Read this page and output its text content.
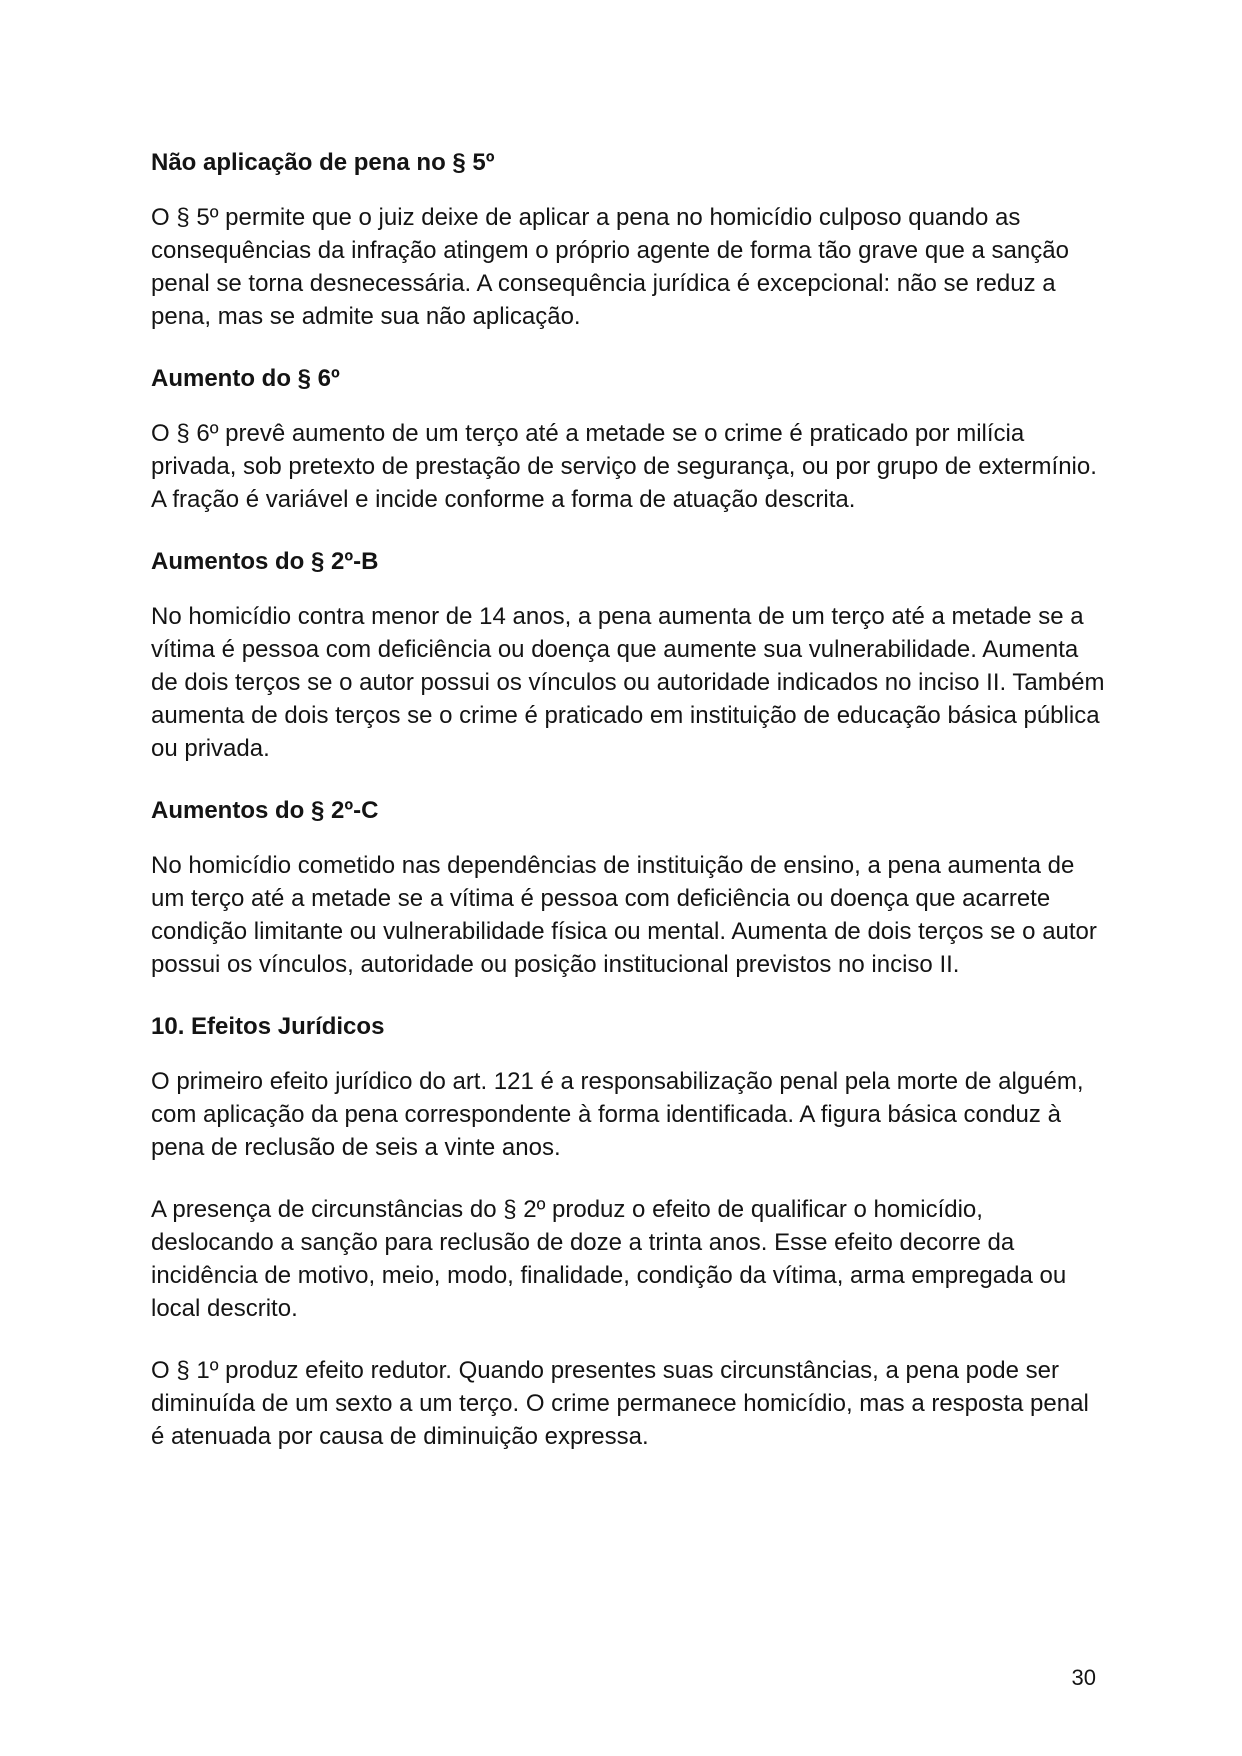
Não aplicação de pena no § 5º

O § 5º permite que o juiz deixe de aplicar a pena no homicídio culposo quando as consequências da infração atingem o próprio agente de forma tão grave que a sanção penal se torna desnecessária. A consequência jurídica é excepcional: não se reduz a pena, mas se admite sua não aplicação.

Aumento do § 6º

O § 6º prevê aumento de um terço até a metade se o crime é praticado por milícia privada, sob pretexto de prestação de serviço de segurança, ou por grupo de extermínio. A fração é variável e incide conforme a forma de atuação descrita.

Aumentos do § 2º-B

No homicídio contra menor de 14 anos, a pena aumenta de um terço até a metade se a vítima é pessoa com deficiência ou doença que aumente sua vulnerabilidade. Aumenta de dois terços se o autor possui os vínculos ou autoridade indicados no inciso II. Também aumenta de dois terços se o crime é praticado em instituição de educação básica pública ou privada.

Aumentos do § 2º-C

No homicídio cometido nas dependências de instituição de ensino, a pena aumenta de um terço até a metade se a vítima é pessoa com deficiência ou doença que acarrete condição limitante ou vulnerabilidade física ou mental. Aumenta de dois terços se o autor possui os vínculos, autoridade ou posição institucional previstos no inciso II.

10. Efeitos Jurídicos

O primeiro efeito jurídico do art. 121 é a responsabilização penal pela morte de alguém, com aplicação da pena correspondente à forma identificada. A figura básica conduz à pena de reclusão de seis a vinte anos.

A presença de circunstâncias do § 2º produz o efeito de qualificar o homicídio, deslocando a sanção para reclusão de doze a trinta anos. Esse efeito decorre da incidência de motivo, meio, modo, finalidade, condição da vítima, arma empregada ou local descrito.

O § 1º produz efeito redutor. Quando presentes suas circunstâncias, a pena pode ser diminuída de um sexto a um terço. O crime permanece homicídio, mas a resposta penal é atenuada por causa de diminuição expressa.

30
